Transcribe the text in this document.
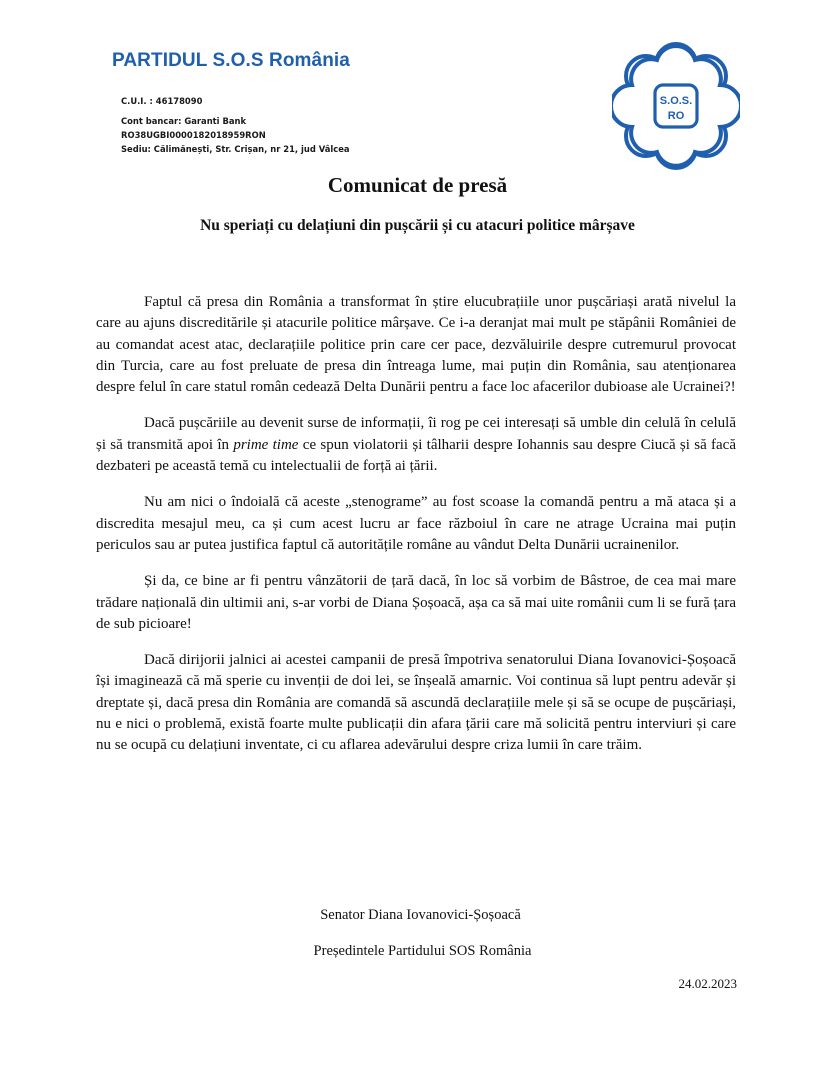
PARTIDUL S.O.S România
C.U.I. : 46178090
Cont bancar: Garanti Bank
RO38UGBI0000182018959RON
Sediu: Călimănești, Str. Crișan, nr 21, jud Vâlcea
S.O.S.
RO
Comunicat de presă
Nu speriați cu delațiuni din pușcării și cu atacuri politice mârșave

Faptul că presa din România a transformat în știre elucubrațiile unor pușcăriași arată nivelul la care au ajuns discreditările și atacurile politice mârșave. Ce i-a deranjat mai mult pe stăpânii României de au comandat acest atac, declarațiile politice prin care cer pace, dezvăluirile despre cutremurul provocat din Turcia, care au fost preluate de presa din întreaga lume, mai puțin din România, sau atenționarea despre felul în care statul român cedează Delta Dunării pentru a face loc afacerilor dubioase ale Ucrainei?!

Dacă pușcăriile au devenit surse de informații, îi rog pe cei interesați să umble din celulă în celulă și să transmită apoi în prime time ce spun violatorii și tâlharii despre Iohannis sau despre Ciucă și să facă dezbateri pe această temă cu intelectualii de forță ai țării.

Nu am nici o îndoială că aceste „stenograme” au fost scoase la comandă pentru a mă ataca și a discredita mesajul meu, ca și cum acest lucru ar face războiul în care ne atrage Ucraina mai puțin periculos sau ar putea justifica faptul că autoritățile române au vândut Delta Dunării ucrainenilor.

Și da, ce bine ar fi pentru vânzătorii de țară dacă, în loc să vorbim de Bâstroe, de cea mai mare trădare națională din ultimii ani, s-ar vorbi de Diana Șoșoacă, așa ca să mai uite românii cum li se fură țara de sub picioare!

Dacă dirijorii jalnici ai acestei campanii de presă împotriva senatorului Diana Iovanovici-Șoșoacă își imaginează că mă sperie cu invenții de doi lei, se înșeală amarnic. Voi continua să lupt pentru adevăr și dreptate și, dacă presa din România are comandă să ascundă declarațiile mele și să se ocupe de pușcăriași, nu e nici o problemă, există foarte multe publicații din afara țării care mă solicită pentru interviuri și care nu se ocupă cu delațiuni inventate, ci cu aflarea adevărului despre criza lumii în care trăim.

Senator Diana Iovanovici-Șoșoacă
Președintele Partidului SOS România
24.02.2023
